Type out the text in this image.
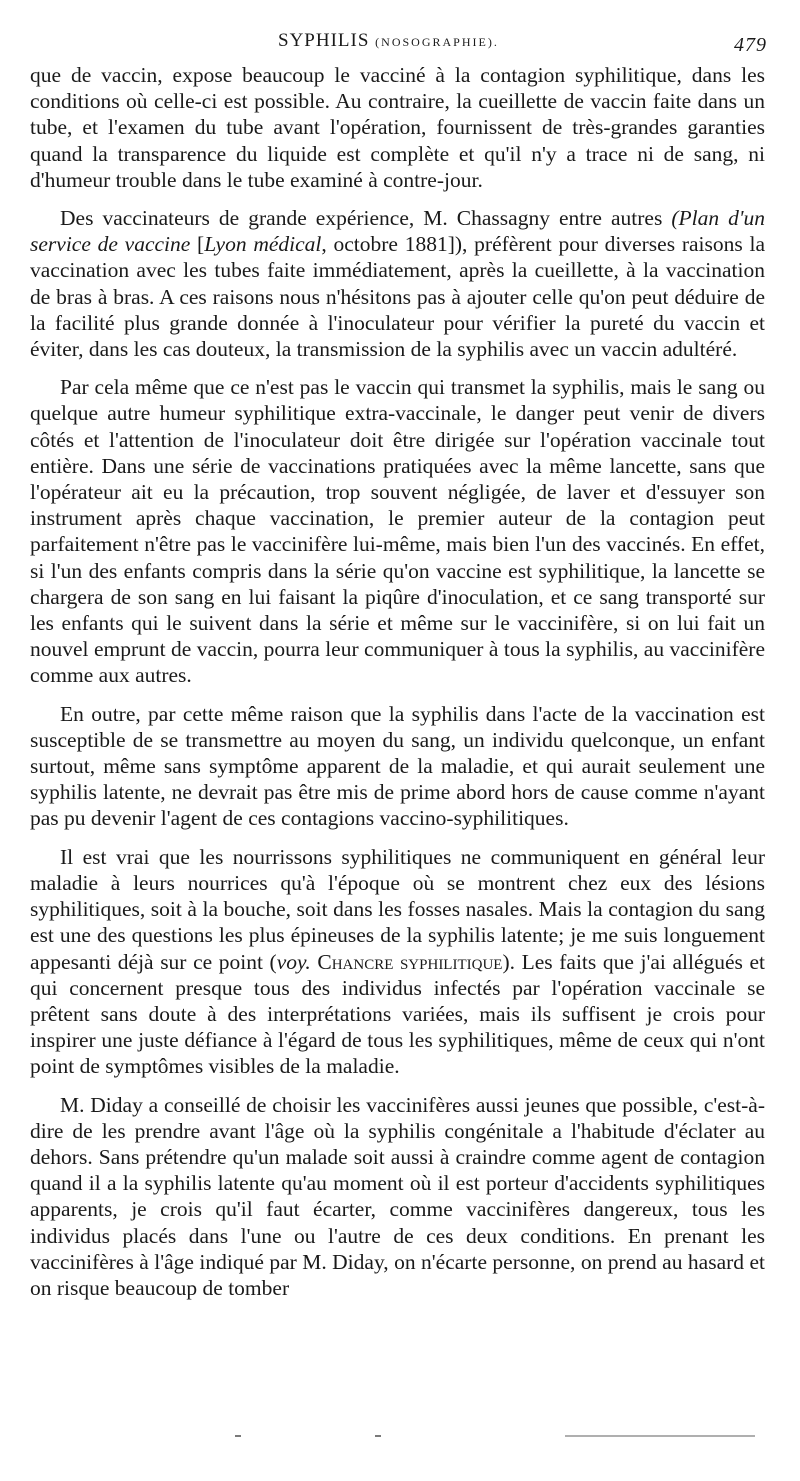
SYPHILIS (NOSOGRAPHIE).	479

que de vaccin, expose beaucoup le vacciné à la contagion syphilitique, dans les conditions où celle-ci est possible. Au contraire, la cueillette de vaccin faite dans un tube, et l'examen du tube avant l'opération, fournissent de très-grandes garanties quand la transparence du liquide est complète et qu'il n'y a trace ni de sang, ni d'humeur trouble dans le tube examiné à contre-jour.

Des vaccinateurs de grande expérience, M. Chassagny entre autres (Plan d'un service de vaccine [Lyon médical, octobre 1881]), préfèrent pour diverses raisons la vaccination avec les tubes faite immédiatement, après la cueillette, à la vaccination de bras à bras. A ces raisons nous n'hésitons pas à ajouter celle qu'on peut déduire de la facilité plus grande donnée à l'inoculateur pour vérifier la pureté du vaccin et éviter, dans les cas douteux, la transmission de la syphilis avec un vaccin adultéré.

Par cela même que ce n'est pas le vaccin qui transmet la syphilis, mais le sang ou quelque autre humeur syphilitique extra-vaccinale, le danger peut venir de divers côtés et l'attention de l'inoculateur doit être dirigée sur l'opération vaccinale tout entière. Dans une série de vaccinations pratiquées avec la même lancette, sans que l'opérateur ait eu la précaution, trop souvent négligée, de laver et d'essuyer son instrument après chaque vaccination, le premier auteur de la contagion peut parfaitement n'être pas le vaccinifère lui-même, mais bien l'un des vaccinés. En effet, si l'un des enfants compris dans la série qu'on vaccine est syphilitique, la lancette se chargera de son sang en lui faisant la piqûre d'inoculation, et ce sang transporté sur les enfants qui le suivent dans la série et même sur le vaccinifère, si on lui fait un nouvel emprunt de vaccin, pourra leur communiquer à tous la syphilis, au vaccinifère comme aux autres.

En outre, par cette même raison que la syphilis dans l'acte de la vaccination est susceptible de se transmettre au moyen du sang, un individu quelconque, un enfant surtout, même sans symptôme apparent de la maladie, et qui aurait seulement une syphilis latente, ne devrait pas être mis de prime abord hors de cause comme n'ayant pas pu devenir l'agent de ces contagions vaccino-syphilitiques.

Il est vrai que les nourrissons syphilitiques ne communiquent en général leur maladie à leurs nourrices qu'à l'époque où se montrent chez eux des lésions syphilitiques, soit à la bouche, soit dans les fosses nasales. Mais la contagion du sang est une des questions les plus épineuses de la syphilis latente; je me suis longuement appesanti déjà sur ce point (voy. Chancre syphilitique). Les faits que j'ai allégués et qui concernent presque tous des individus infectés par l'opération vaccinale se prêtent sans doute à des interprétations variées, mais ils suffisent je crois pour inspirer une juste défiance à l'égard de tous les syphilitiques, même de ceux qui n'ont point de symptômes visibles de la maladie.

M. Diday a conseillé de choisir les vaccinifères aussi jeunes que possible, c'est-à-dire de les prendre avant l'âge où la syphilis congénitale a l'habitude d'éclater au dehors. Sans prétendre qu'un malade soit aussi à craindre comme agent de contagion quand il a la syphilis latente qu'au moment où il est porteur d'accidents syphilitiques apparents, je crois qu'il faut écarter, comme vaccinifères dangereux, tous les individus placés dans l'une ou l'autre de ces deux conditions. En prenant les vaccinifères à l'âge indiqué par M. Diday, on n'écarte personne, on prend au hasard et on risque beaucoup de tomber
